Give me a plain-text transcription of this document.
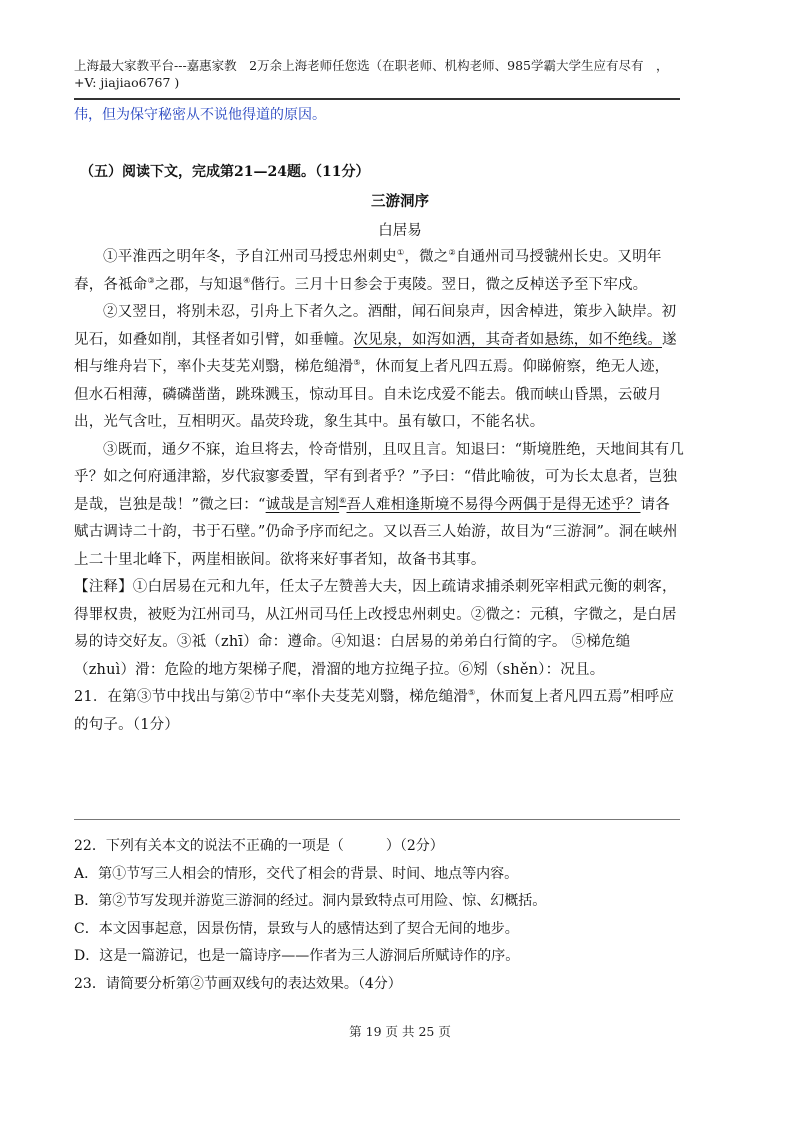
上海最大家教平台---嘉惠家教　2万余上海老师任您选（在职老师、机构老师、985学霸大学生应有尽有　，+V: jiajiao6767 )
伟，但为保守秘密从不说他得道的原因。
（五）阅读下文，完成第21—24题。（11分）
三游洞序
白居易

①平淮西之明年冬，予自江州司马授忠州刺史①，微之②自通州司马授虢州长史。又明年春，各祗命③之郡，与知退④偕行。三月十日参会于夷陵。翌日，微之反棹送予至下牢戍。

②又翌日，将别未忍，引舟上下者久之。酒酣，闻石间泉声，因舍棹进，策步入缺岸。初见石，如叠如削，其怪者如引臂，如垂幢。次见泉，如泻如洒，其奇者如悬练，如不绝线。遂相与维舟岩下，率仆夫芟芜刈翳，梯危缒滑⑤，休而复上者凡四五焉。仰睇俯察，绝无人迹，但水石相薄，磷磷凿凿，跳珠溅玉，惊动耳目。自未讫戌爱不能去。俄而峡山昏黑，云破月出，光气含吐，互相明灭。晶荧玲珑，象生其中。虽有敏口，不能名状。

③既而，通夕不寐，迨旦将去，怜奇惜别，且叹且言。知退曰：“斯境胜绝，天地间其有几乎？如之何府通津豁，岁代寂寥委置，罕有到者乎？”予曰：“借此喻彼，可为长太息者，岂独是哉，岂独是哉！”微之曰：“诚哉是言矧⑥吾人难相逢斯境不易得今两偶于是得无述乎？请各赋古调诗二十韵，书于石壁。”仍命予序而纪之。又以吾三人始游，故目为“三游洞”。洞在峡州上二十里北峰下，两崖相嵌间。欲将来好事者知，故备书其事。

【注释】①白居易在元和九年，任太子左赞善大夫，因上疏请求捕杀刺死宰相武元衡的刺客，得罪权贵，被贬为江州司马，从江州司马任上改授忠州刺史。②微之：元稹，字微之，是白居易的诗交好友。③祗（zhī）命：遵命。④知退：白居易的弟弟白行简的字。 ⑤梯危缒（zhuì）滑：危险的地方架梯子爬，滑溜的地方拉绳子拉。⑥矧（shěn）：况且。

21．在第③节中找出与第②节中“率仆夫芟芜刈翳，梯危缒滑⑤，休而复上者凡四五焉”相呼应的句子。（1分）

22．下列有关本文的说法不正确的一项是（　　　）（2分）

A．第①节写三人相会的情形，交代了相会的背景、时间、地点等内容。

B．第②节写发现并游览三游洞的经过。洞内景致特点可用险、惊、幻概括。

C．本文因事起意，因景伤情，景致与人的感情达到了契合无间的地步。

D．这是一篇游记，也是一篇诗序——作者为三人游洞后所赋诗作的序。

23．请简要分析第②节画双线句的表达效果。（4分）

第 19 页 共 25 页
